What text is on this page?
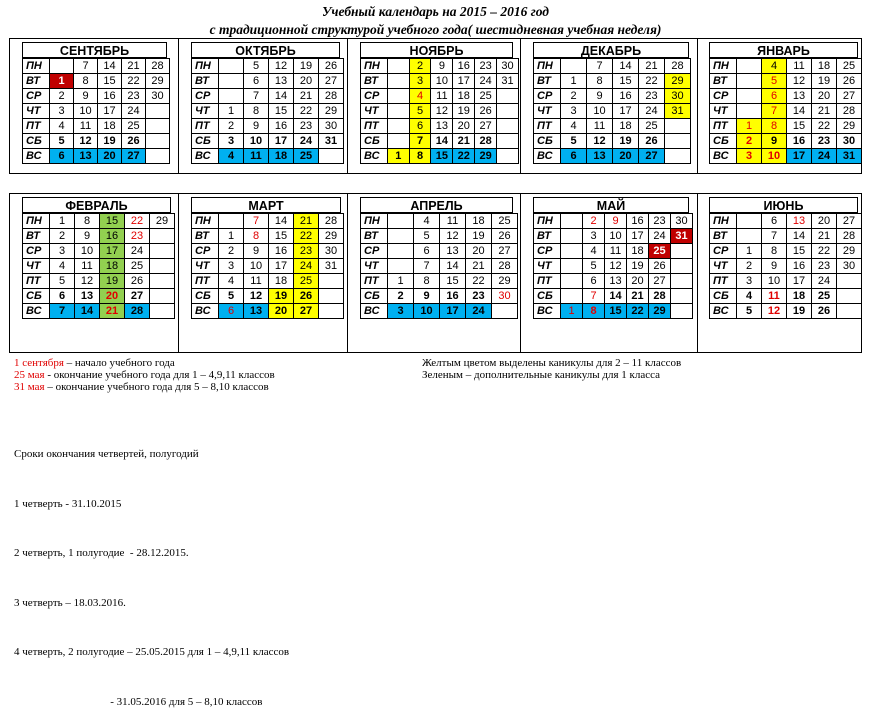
Учебный календарь на 2015 – 2016 год
с традиционной структурой учебного года( шестидневная учебная неделя)
СЕНТЯБРЬ
ПН		7	14	21	28
ВТ	1	8	15	22	29
СР	2	9	16	23	30
ЧТ	3	10	17	24	
ПТ	4	11	18	25	
СБ	5	12	19	26	
ВС	6	13	20	27	
ОКТЯБРЬ
ПН		5	12	19	26
ВТ		6	13	20	27
СР		7	14	21	28
ЧТ	1	8	15	22	29
ПТ	2	9	16	23	30
СБ	3	10	17	24	31
ВС	4	11	18	25	
НОЯБРЬ
ПН		2	9	16	23	30
ВТ		3	10	17	24	31
СР		4	11	18	25	
ЧТ		5	12	19	26	
ПТ		6	13	20	27	
СБ		7	14	21	28	
ВС	1	8	15	22	29	
ДЕКАБРЬ
ПН		7	14	21	28
ВТ	1	8	15	22	29
СР	2	9	16	23	30
ЧТ	3	10	17	24	31
ПТ	4	11	18	25	
СБ	5	12	19	26	
ВС	6	13	20	27	
ЯНВАРЬ
ПН		4	11	18	25
ВТ		5	12	19	26
СР		6	13	20	27
ЧТ		7	14	21	28
ПТ	1	8	15	22	29
СБ	2	9	16	23	30
ВС	3	10	17	24	31
ФЕВРАЛЬ
ПН	1	8	15	22	29
ВТ	2	9	16	23	
СР	3	10	17	24	
ЧТ	4	11	18	25	
ПТ	5	12	19	26	
СБ	6	13	20	27	
ВС	7	14	21	28	
МАРТ
ПН		7	14	21	28
ВТ	1	8	15	22	29
СР	2	9	16	23	30
ЧТ	3	10	17	24	31
ПТ	4	11	18	25	
СБ	5	12	19	26	
ВС	6	13	20	27	
АПРЕЛЬ
ПН		4	11	18	25
ВТ		5	12	19	26
СР		6	13	20	27
ЧТ		7	14	21	28
ПТ	1	8	15	22	29
СБ	2	9	16	23	30
ВС	3	10	17	24	
МАЙ
ПН		2	9	16	23	30
ВТ		3	10	17	24	31
СР		4	11	18	25	
ЧТ		5	12	19	26	
ПТ		6	13	20	27	
СБ		7	14	21	28	
ВС	1	8	15	22	29	
ИЮНЬ
ПН		6	13	20	27
ВТ		7	14	21	28
СР	1	8	15	22	29
ЧТ	2	9	16	23	30
ПТ	3	10	17	24	
СБ	4	11	18	25	
ВС	5	12	19	26	
1 сентября – начало учебного года
25 мая - окончание учебного года для 1 – 4,9,11 классов
31 мая – окончание учебного года для 5 – 8,10 классов
Желтым цветом выделены каникулы для 2 – 11 классов
Зеленым – дополнительные каникулы для 1 класса

Сроки окончания четвертей, полугодий

1 четверть - 31.10.2015

2 четверть, 1 полугодие  - 28.12.2015.

3 четверть – 18.03.2016.

4 четверть, 2 полугодие – 25.05.2015 для 1 – 4,9,11 классов

- 31.05.2016 для 5 – 8,10 классов
